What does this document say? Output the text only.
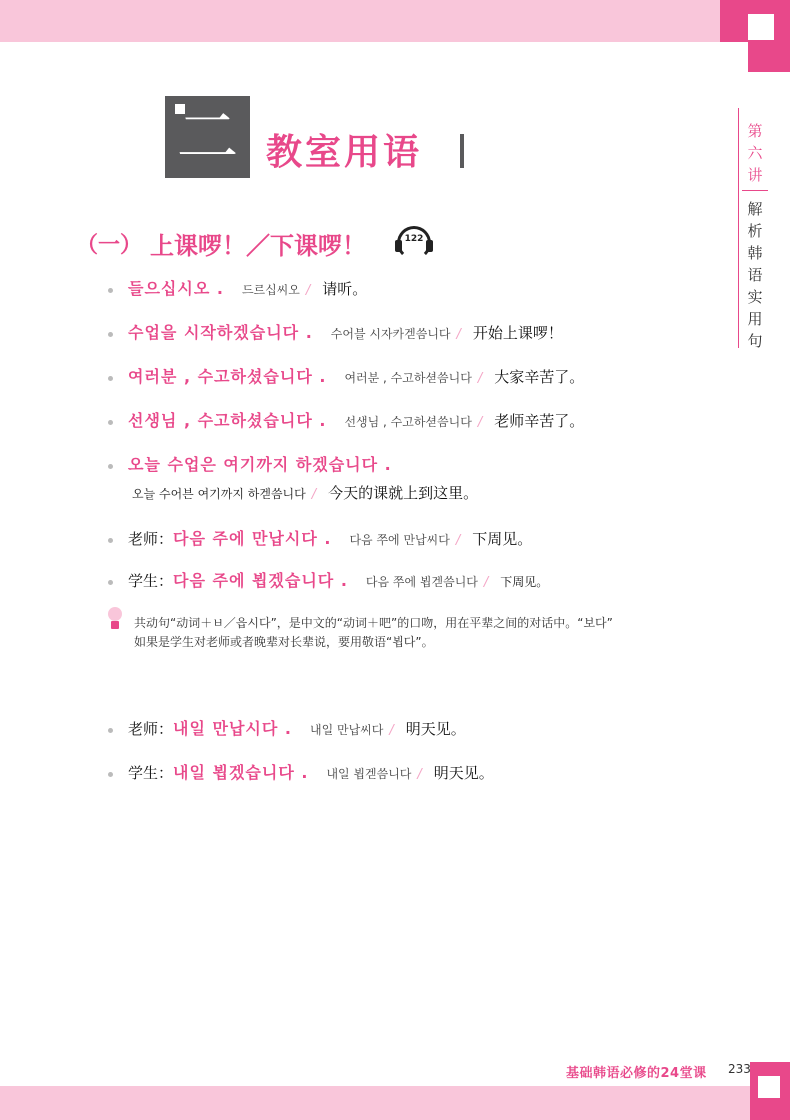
二 教室用语
第六讲
解析韩语实用句
（一） 上课啰！／下课啰！	122
들으십시오 . 드르십씨오 / 请听。
수업을 시작하겠습니다 . 수어블 시자카겓씀니다 / 开始上课啰！
여러분 , 수고하셨습니다 . 여러분 , 수고하셛씀니다 / 大家辛苦了。
선생님 , 수고하셨습니다 . 선생님 , 수고하셛씀니다 / 老师辛苦了。
오늘 수업은 여기까지 하겠습니다 .
오늘 수어븐 여기까지 하겓씀니다 / 今天的课就上到这里。
老师：다음 주에 만납시다 . 다음 쭈에 만납씨다 / 下周见。
学生：다음 주에 뵙겠습니다 . 다음 쭈에 뵙겓씀니다 / 下周见。
共动句“动词＋ㅂ／읍시다”，是中文的“动词＋吧”的口吻，用在平辈之间的对话中。“보다”
如果是学生对老师或者晚辈对长辈说，要用敬语“뵙다”。
老师：내일 만납시다 . 내일 만납씨다 / 明天见。
学生：내일 뵙겠습니다 . 내일 뵙겓씀니다 / 明天见。
基础韩语必修的24堂课 233
